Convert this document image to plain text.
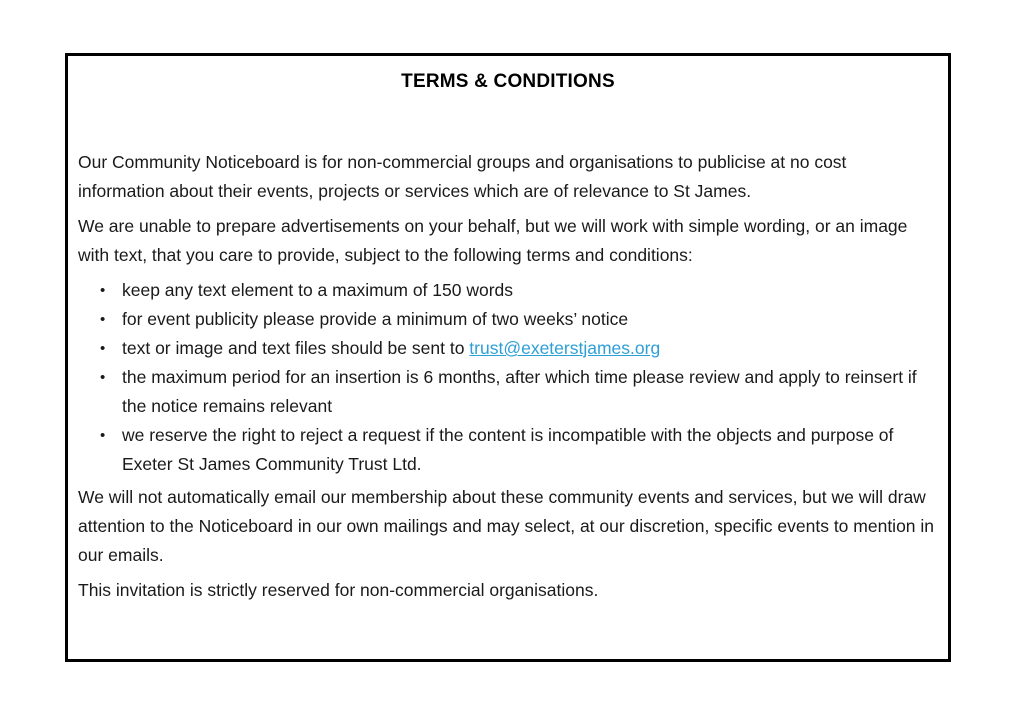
TERMS & CONDITIONS

Our Community Noticeboard is for non-commercial groups and organisations to publicise at no cost information about their events, projects or services which are of relevance to St James.

We are unable to prepare advertisements on your behalf, but we will work with simple wording, or an image with text, that you care to provide, subject to the following terms and conditions:

• keep any text element to a maximum of 150 words
• for event publicity please provide a minimum of two weeks’ notice
• text or image and text files should be sent to trust@exeterstjames.org
• the maximum period for an insertion is 6 months, after which time please review and apply to reinsert if the notice remains relevant
• we reserve the right to reject a request if the content is incompatible with the objects and purpose of Exeter St James Community Trust Ltd.

We will not automatically email our membership about these community events and services, but we will draw attention to the Noticeboard in our own mailings and may select, at our discretion, specific events to mention in our emails.

This invitation is strictly reserved for non-commercial organisations.
